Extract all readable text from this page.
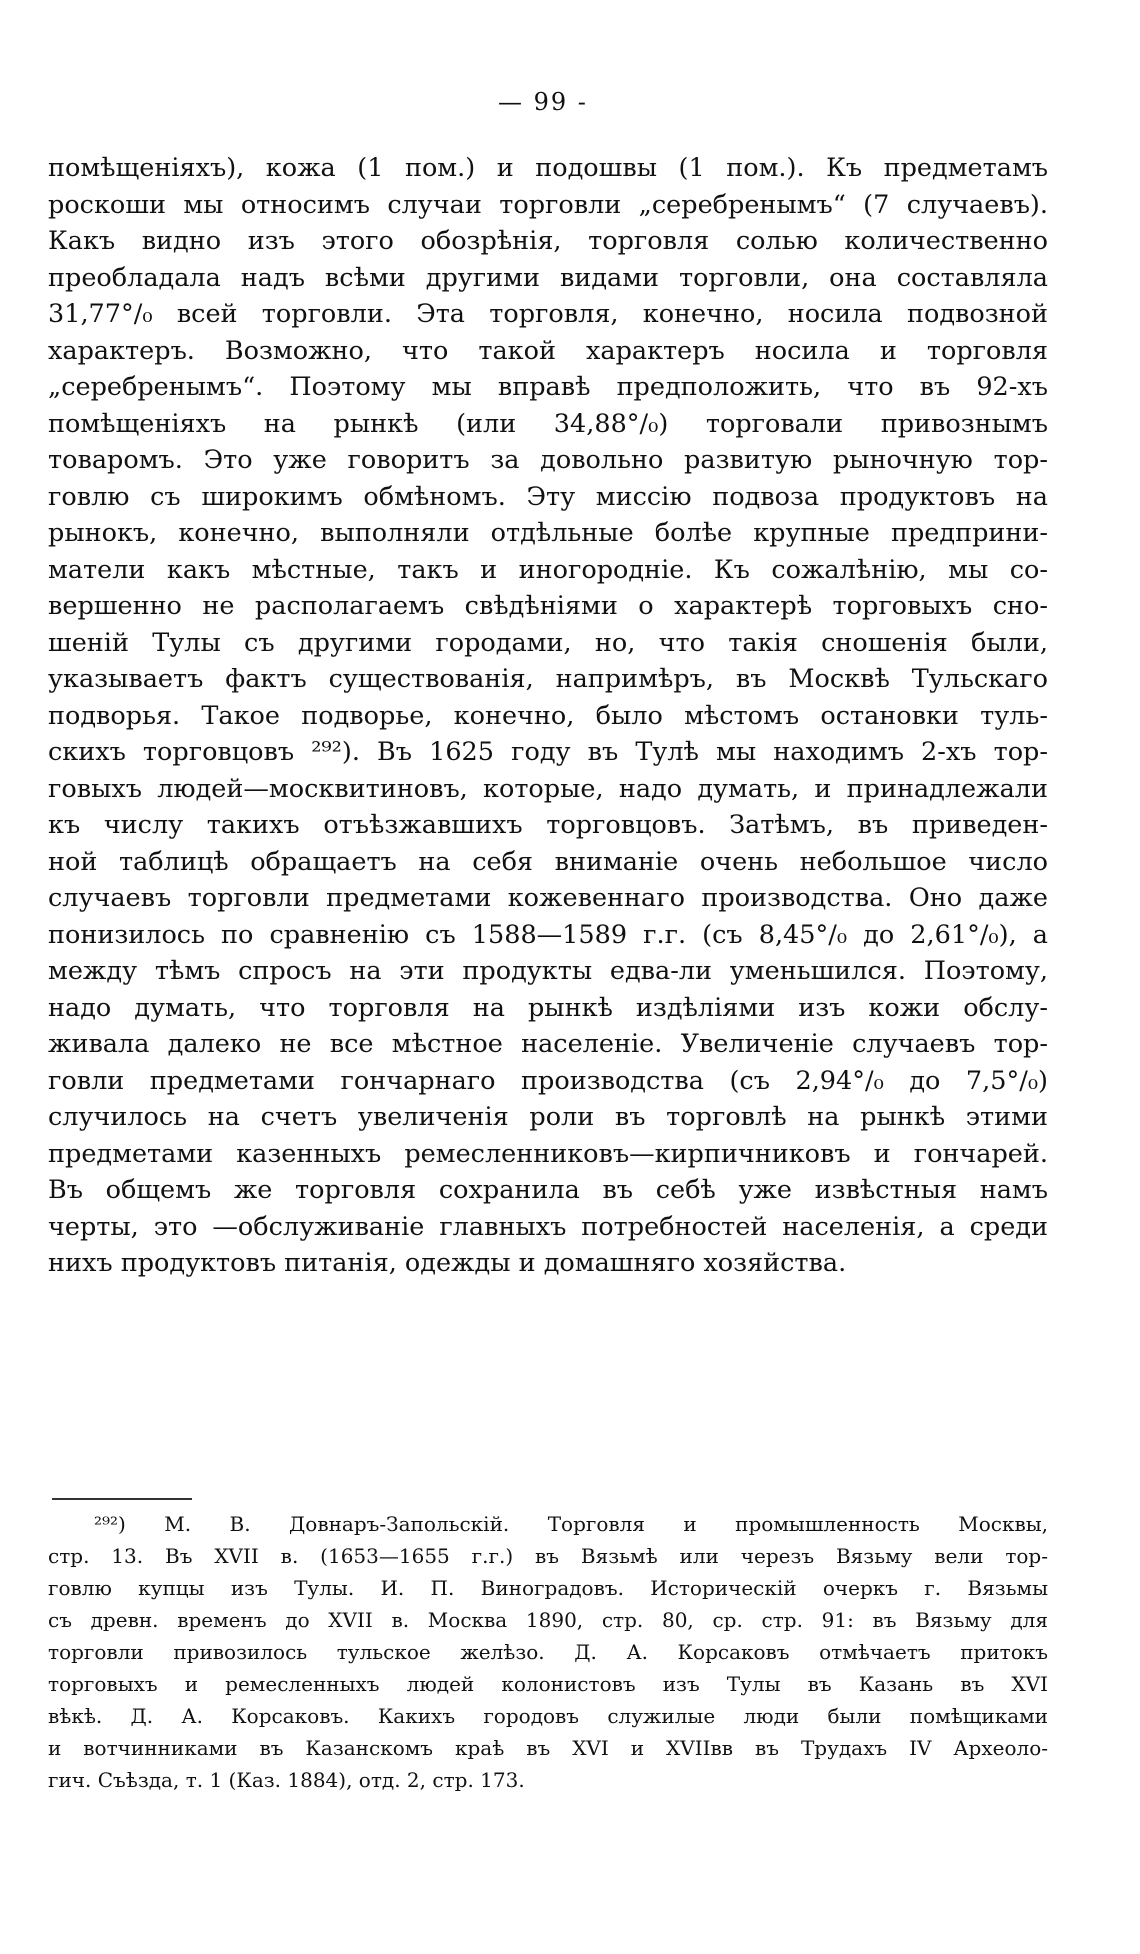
— 99 -
помѣщеніяхъ), кожа (1 пом.) и подошвы (1 пом.). Къ предметамъ
роскоши мы относимъ случаи торговли „серебренымъ“ (7 случаевъ).
Какъ видно изъ этого обозрѣнія, торговля солью количественно
преобладала надъ всѣми другими видами торговли, она составляла
31,77°/₀ всей торговли. Эта торговля, конечно, носила подвозной
характеръ. Возможно, что такой характеръ носила и торговля
„серебренымъ“. Поэтому мы вправѣ предположить, что въ 92-хъ
помѣщеніяхъ на рынкѣ (или 34,88°/₀) торговали привознымъ
товаромъ. Это уже говоритъ за довольно развитую рыночную тор-
говлю съ широкимъ обмѣномъ. Эту миссію подвоза продуктовъ на
рынокъ, конечно, выполняли отдѣльные болѣе крупные предприни-
матели какъ мѣстные, такъ и иногородніе. Къ сожалѣнію, мы со-
вершенно не располагаемъ свѣдѣніями о характерѣ торговыхъ сно-
шеній Тулы съ другими городами, но, что такія сношенія были,
указываетъ фактъ существованія, напримѣръ, въ Москвѣ Тульскаго
подворья. Такое подворье, конечно, было мѣстомъ остановки туль-
скихъ торговцовъ ²⁹²). Въ 1625 году въ Тулѣ мы находимъ 2-хъ тор-
говыхъ людей—москвитиновъ, которые, надо думать, и принадлежали
къ числу такихъ отъѣзжавшихъ торговцовъ. Затѣмъ, въ приведен-
ной таблицѣ обращаетъ на себя вниманіе очень небольшое число
случаевъ торговли предметами кожевеннаго производства. Оно даже
понизилось по сравненію съ 1588—1589 г.г. (съ 8,45°/₀ до 2,61°/₀), а
между тѣмъ спросъ на эти продукты едва-ли уменьшился. Поэтому,
надо думать, что торговля на рынкѣ издѣліями изъ кожи обслу-
живала далеко не все мѣстное населеніе. Увеличеніе случаевъ тор-
говли предметами гончарнаго производства (съ 2,94°/₀ до 7,5°/₀)
случилось на счетъ увеличенія роли въ торговлѣ на рынкѣ этими
предметами казенныхъ ремесленниковъ—кирпичниковъ и гончарей.
Въ общемъ же торговля сохранила въ себѣ уже извѣстныя намъ
черты, это —обслуживаніе главныхъ потребностей населенія, а среди
нихъ продуктовъ питанія, одежды и домашняго хозяйства.
²⁹²) М. В. Довнаръ-Запольскій. Торговля и промышленность Москвы,
стр. 13. Въ XVII в. (1653—1655 г.г.) въ Вязьмѣ или черезъ Вязьму вели тор-
говлю купцы изъ Тулы. И. П. Виноградовъ. Историческій очеркъ г. Вязьмы
съ древн. временъ до XVII в. Москва 1890, стр. 80, ср. стр. 91: въ Вязьму для
торговли привозилось тульское желѣзо. Д. А. Корсаковъ отмѣчаетъ притокъ
торговыхъ и ремесленныхъ людей колонистовъ изъ Тулы въ Казань въ XVI
вѣкѣ. Д. А. Корсаковъ. Какихъ городовъ служилые люди были помѣщиками
и вотчинниками въ Казанскомъ краѣ въ XVI и XVIIвв въ Трудахъ IV Археоло-
гич. Съѣзда, т. 1 (Каз. 1884), отд. 2, стр. 173.
